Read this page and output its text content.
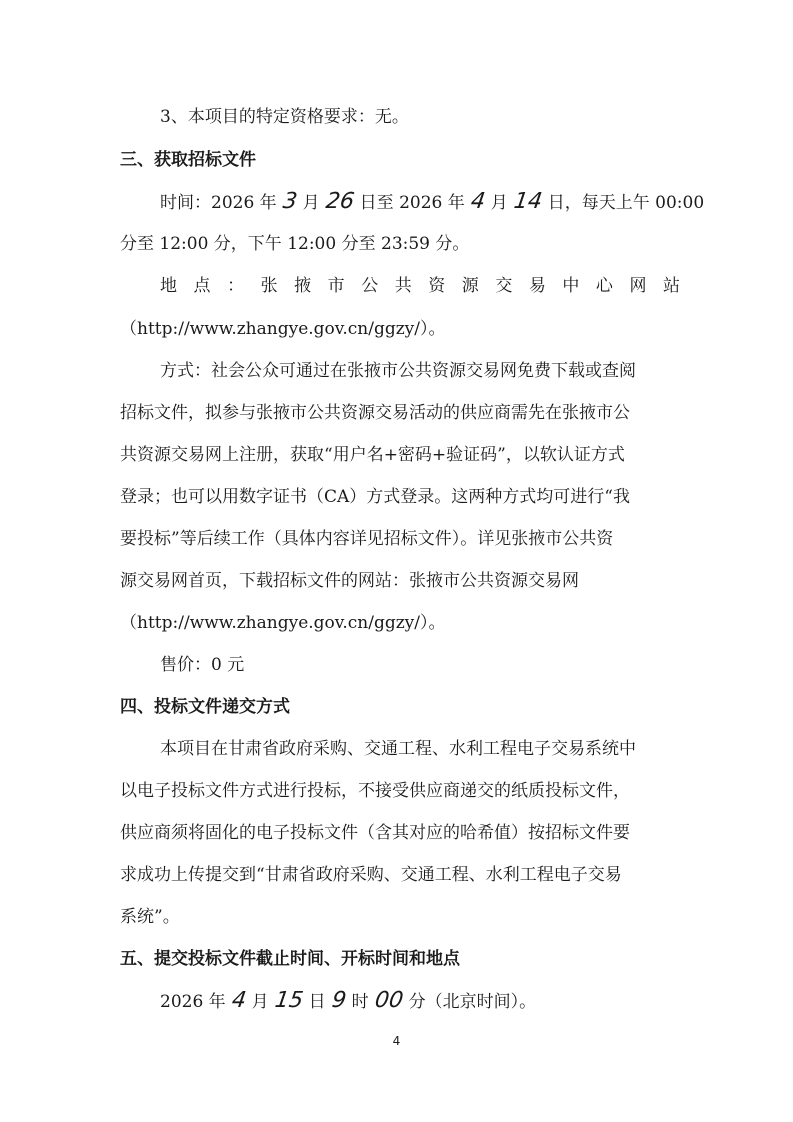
3、本项目的特定资格要求：无。
三、获取招标文件
时间：2026 年 3 月 26 日至 2026 年 4 月 14 日，每天上午 00:00
分至 12:00 分，下午 12:00 分至 23:59 分。
地 点 ： 张 掖 市 公 共 资 源 交 易 中 心 网 站
（http://www.zhangye.gov.cn/ggzy/）。
方式：社会公众可通过在张掖市公共资源交易网免费下载或查阅
招标文件，拟参与张掖市公共资源交易活动的供应商需先在张掖市公
共资源交易网上注册，获取“用户名+密码+验证码”，以软认证方式
登录；也可以用数字证书（CA）方式登录。这两种方式均可进行“我
要投标”等后续工作（具体内容详见招标文件）。详见张掖市公共资
源交易网首页，下载招标文件的网站：张掖市公共资源交易网
（http://www.zhangye.gov.cn/ggzy/）。
售价：0 元
四、投标文件递交方式
本项目在甘肃省政府采购、交通工程、水利工程电子交易系统中
以电子投标文件方式进行投标，不接受供应商递交的纸质投标文件，
供应商须将固化的电子投标文件（含其对应的哈希值）按招标文件要
求成功上传提交到“甘肃省政府采购、交通工程、水利工程电子交易
系统”。
五、提交投标文件截止时间、开标时间和地点
2026 年 4 月 15 日 9 时 00 分（北京时间）。
4
